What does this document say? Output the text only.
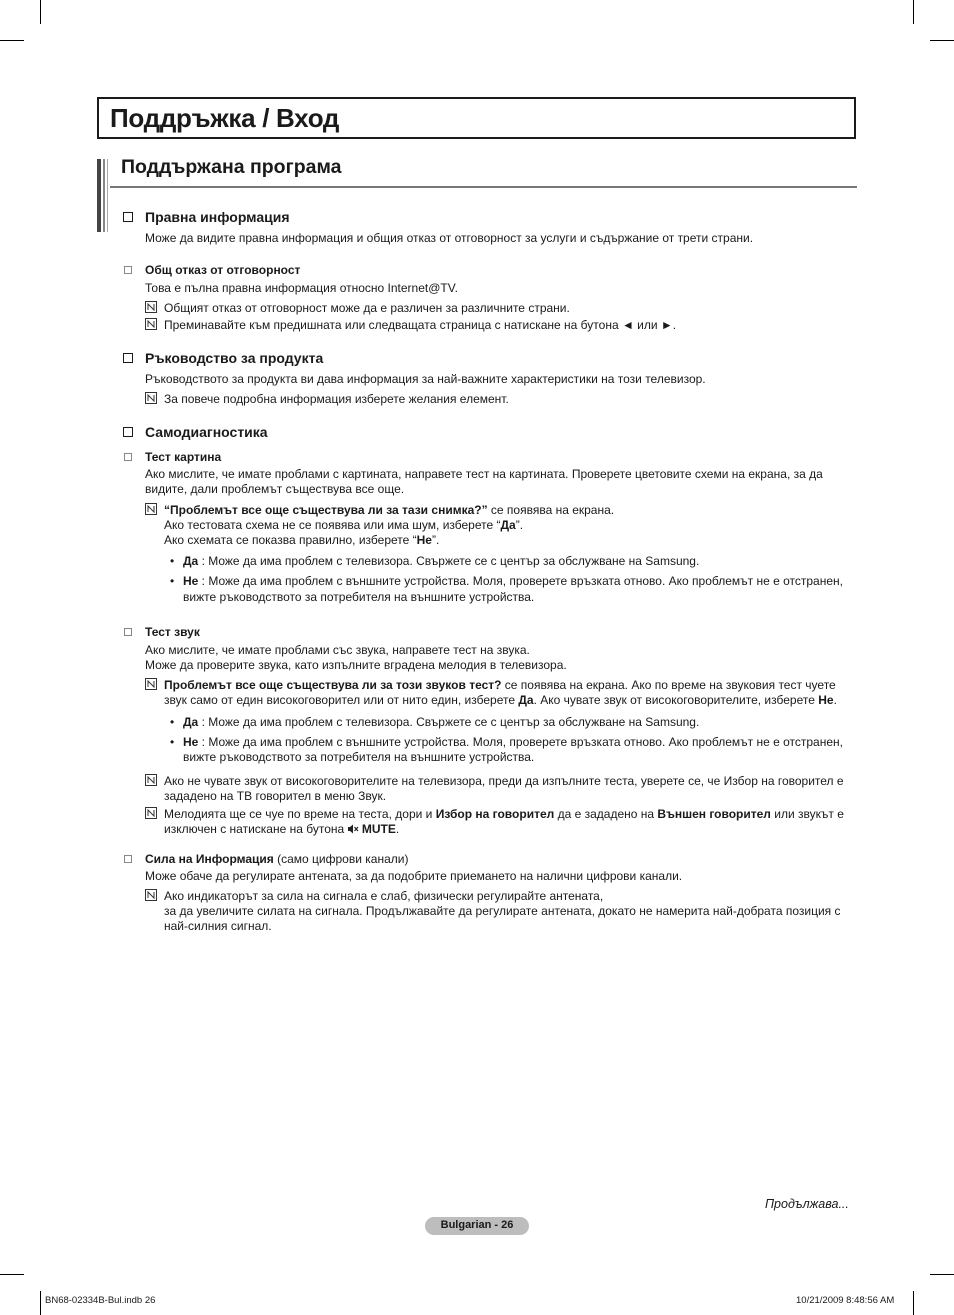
Поддръжка / Вход
Поддържана програма
Правна информация
Може да видите правна информация и общия отказ от отговорност за услуги и съдържание от трети страни.
Общ отказ от отговорност
Това е пълна правна информация относно Internet@TV.
Общият отказ от отговорност може да е различен за различните страни.
Преминавайте към предишната или следващата страница с натискане на бутона ◄ или ►.
Ръководство за продукта
Ръководството за продукта ви дава информация за най-важните характеристики на този телевизор.
За повече подробна информация изберете желания елемент.
Самодиагностика
Тест картина
Ако мислите, че имате проблами с картината, направете тест на картината. Проверете цветовите схеми на екрана, за да
видите, дали проблемът съществува все още.
“Проблемът все още съществува ли за тази снимка?” се появява на екрана.
Ако тестовата схема не се появява или има шум, изберете “Да”.
Ако схемата се показва правилно, изберете “Не”.
• Да : Може да има проблем с телевизора. Свържете се с център за обслужване на Samsung.
• Не : Може да има проблем с външните устройства. Моля, проверете връзката отново. Ако проблемът не е отстранен,
вижте ръководството за потребителя на външните устройства.
Тест звук
Ако мислите, че имате проблами със звука, направете тест на звука.
Може да проверите звука, като изпълните вградена мелодия в телевизора.
Проблемът все още съществува ли за този звуков тест? се появява на екрана. Ако по време на звуковия тест чуете
звук само от един високоговорител или от нито един, изберете Да. Ако чувате звук от високоговорителите, изберете Не.
• Да : Може да има проблем с телевизора. Свържете се с център за обслужване на Samsung.
• Не : Може да има проблем с външните устройства. Моля, проверете връзката отново. Ако проблемът не е отстранен,
вижте ръководството за потребителя на външните устройства.
Ако не чувате звук от високоговорителите на телевизора, преди да изпълните теста, уверете се, че Избор на говорител е
зададено на ТВ говорител в меню Звук.
Мелодията ще се чуе по време на теста, дори и Избор на говорител да е зададено на Външен говорител или звукът е
изключен с натискане на бутона  MUTE.
Сила на Информация (само цифрови канали)
Може обаче да регулирате антената, за да подобрите приемането на налични цифрови канали.
Ако индикаторът за сила на сигнала е слаб, физически регулирайте антената,
за да увеличите силата на сигнала. Продължавайте да регулирате антената, докато не намерита най-добрата позиция с
най-силния сигнал.
Продължава...
Bulgarian - 26
BN68-02334B-Bul.indb 26	10/21/2009 8:48:56 AM
